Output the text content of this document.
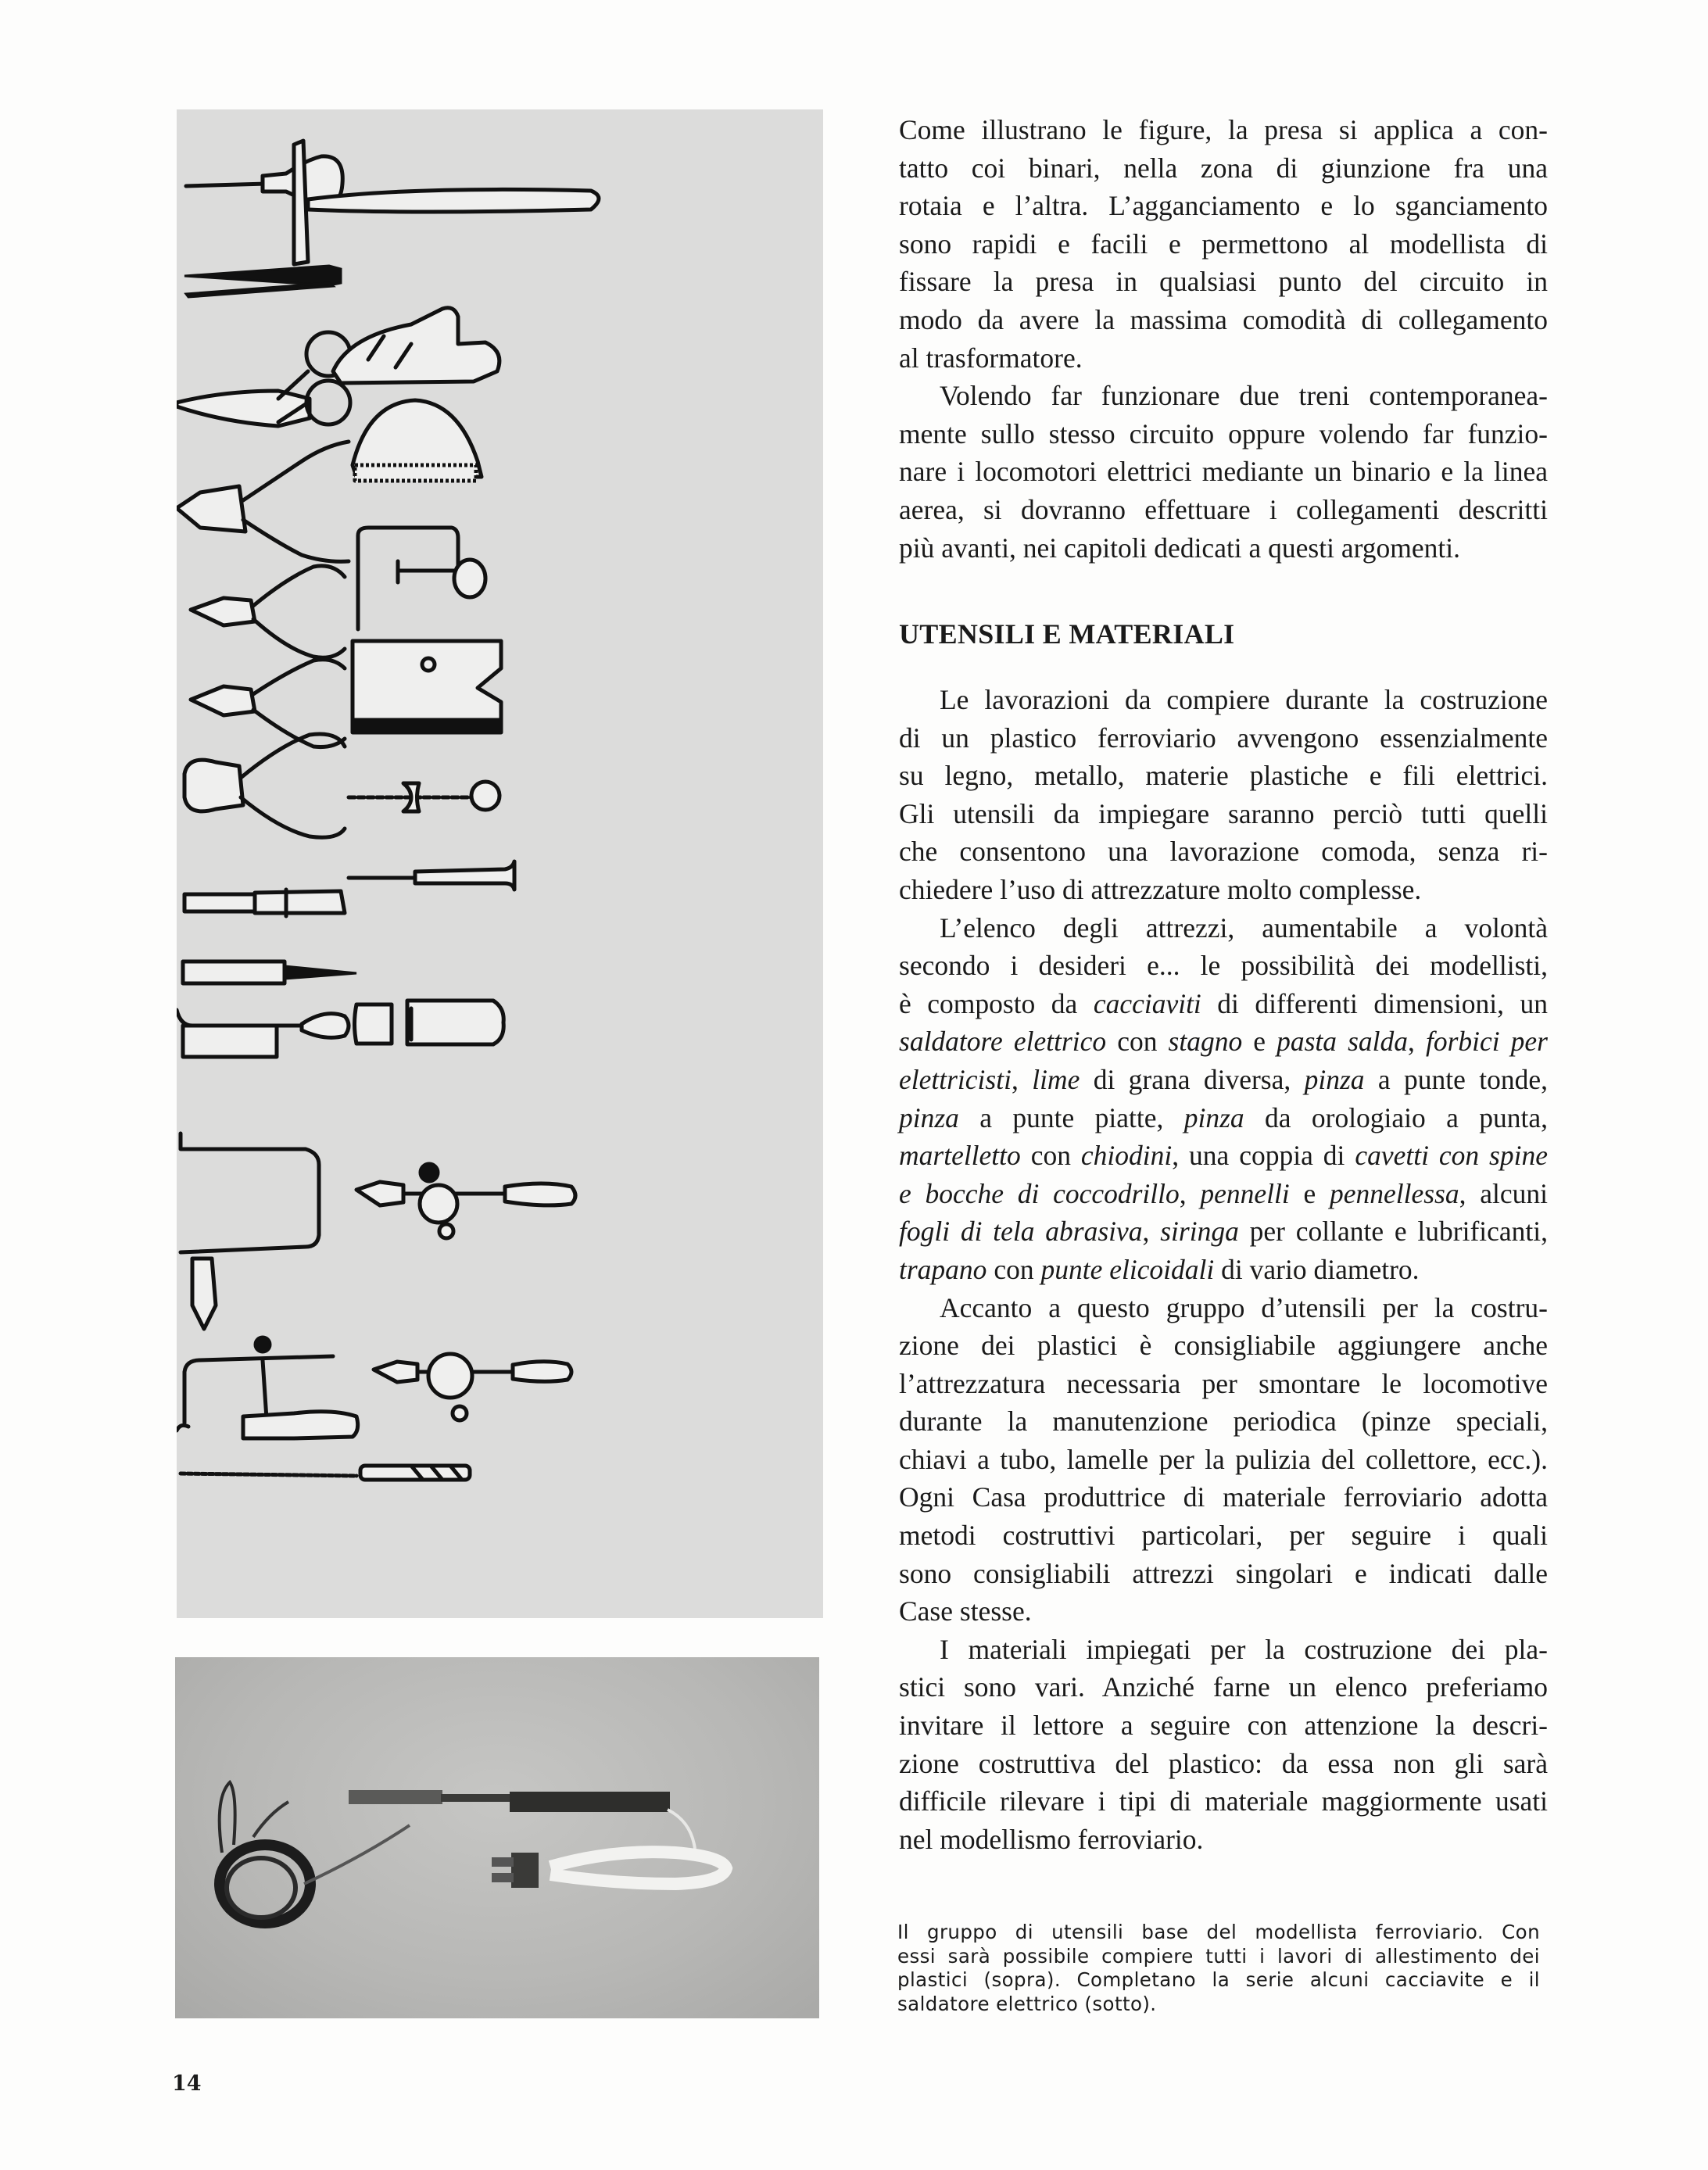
Come illustrano le figure, la presa si applica a con-
tatto coi binari, nella zona di giunzione fra una
rotaia e l’altra. L’agganciamento e lo sganciamento
sono rapidi e facili e permettono al modellista di
fissare la presa in qualsiasi punto del circuito in
modo da avere la massima comodità di collegamento
al trasformatore.
Volendo far funzionare due treni contemporanea-
mente sullo stesso circuito oppure volendo far funzio-
nare i locomotori elettrici mediante un binario e la linea
aerea, si dovranno effettuare i collegamenti descritti
più avanti, nei capitoli dedicati a questi argomenti.
UTENSILI E MATERIALI
Le lavorazioni da compiere durante la costruzione
di un plastico ferroviario avvengono essenzialmente
su legno, metallo, materie plastiche e fili elettrici.
Gli utensili da impiegare saranno perciò tutti quelli
che consentono una lavorazione comoda, senza ri-
chiedere l’uso di attrezzature molto complesse.
L’elenco degli attrezzi, aumentabile a volontà
secondo i desideri e... le possibilità dei modellisti,
è composto da cacciaviti di differenti dimensioni, un
saldatore elettrico con stagno e pasta salda, forbici per
elettricisti, lime di grana diversa, pinza a punte tonde,
pinza a punte piatte, pinza da orologiaio a punta,
martelletto con chiodini, una coppia di cavetti con spine
e bocche di coccodrillo, pennelli e pennellessa, alcuni
fogli di tela abrasiva, siringa per collante e lubrificanti,
trapano con punte elicoidali di vario diametro.
Accanto a questo gruppo d’utensili per la costru-
zione dei plastici è consigliabile aggiungere anche
l’attrezzatura necessaria per smontare le locomotive
durante la manutenzione periodica (pinze speciali,
chiavi a tubo, lamelle per la pulizia del collettore, ecc.).
Ogni Casa produttrice di materiale ferroviario adotta
metodi costruttivi particolari, per seguire i quali
sono consigliabili attrezzi singolari e indicati dalle
Case stesse.
I materiali impiegati per la costruzione dei pla-
stici sono vari. Anziché farne un elenco preferiamo
invitare il lettore a seguire con attenzione la descri-
zione costruttiva del plastico: da essa non gli sarà
difficile rilevare i tipi di materiale maggiormente usati
nel modellismo ferroviario.
Il gruppo di utensili base del modellista ferroviario. Con
essi sarà possibile compiere tutti i lavori di allestimento dei
plastici (sopra). Completano la serie alcuni cacciavite e il
saldatore elettrico (sotto).
14
